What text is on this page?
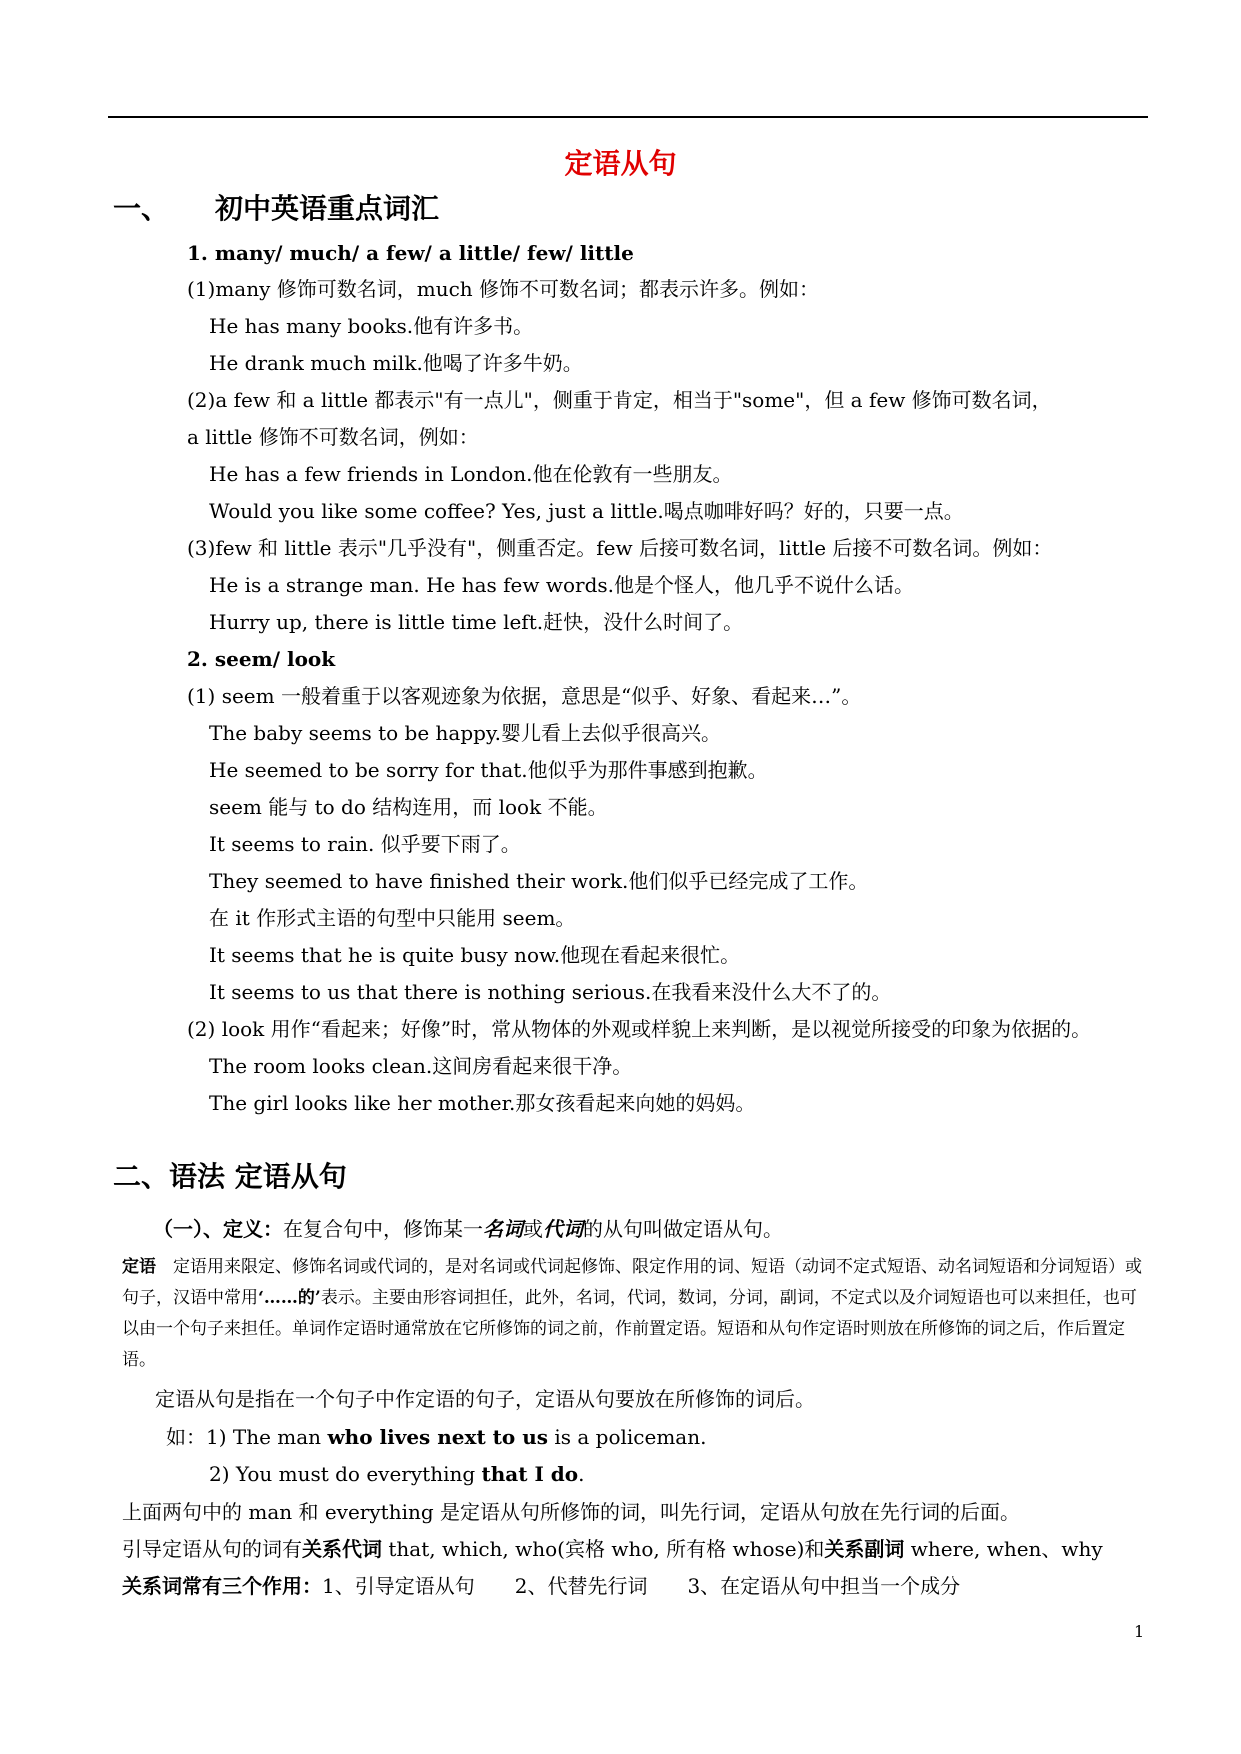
定语从句
一、 初中英语重点词汇
1. many/ much/ a few/ a little/ few/ little
(1)many 修饰可数名词，much 修饰不可数名词；都表示许多。例如：
He has many books.他有许多书。
He drank much milk.他喝了许多牛奶。
(2)a few 和 a little 都表示"有一点儿"，侧重于肯定，相当于"some"，但 a few 修饰可数名词，
a little 修饰不可数名词，例如：
He has a few friends in London.他在伦敦有一些朋友。
Would you like some coffee? Yes, just a little.喝点咖啡好吗？好的，只要一点。
(3)few 和 little 表示"几乎没有"，侧重否定。few 后接可数名词，little 后接不可数名词。例如：
He is a strange man. He has few words.他是个怪人，他几乎不说什么话。
Hurry up, there is little time left.赶快，没什么时间了。
2. seem/ look
(1) seem 一般着重于以客观迹象为依据，意思是“似乎、好象、看起来…”。
The baby seems to be happy.婴儿看上去似乎很高兴。
He seemed to be sorry for that.他似乎为那件事感到抱歉。
seem 能与 to do 结构连用，而 look 不能。
It seems to rain. 似乎要下雨了。
They seemed to have finished their work.他们似乎已经完成了工作。
在 it 作形式主语的句型中只能用 seem。
It seems that he is quite busy now.他现在看起来很忙。
It seems to us that there is nothing serious.在我看来没什么大不了的。
(2) look 用作“看起来；好像”时，常从物体的外观或样貌上来判断，是以视觉所接受的印象为依据的。
The room looks clean.这间房看起来很干净。
The girl looks like her mother.那女孩看起来向她的妈妈。
二、语法 定语从句
（一）、定义：在复合句中，修饰某一名词或代词的从句叫做定语从句。
定语　定语用来限定、修饰名词或代词的，是对名词或代词起修饰、限定作用的词、短语（动词不定式短语、动名词短语和分词短语）或句子，汉语中常用‘……的’表示。主要由形容词担任，此外，名词，代词，数词，分词，副词，不定式以及介词短语也可以来担任，也可以由一个句子来担任。单词作定语时通常放在它所修饰的词之前，作前置定语。短语和从句作定语时则放在所修饰的词之后，作后置定语。
定语从句是指在一个句子中作定语的句子，定语从句要放在所修饰的词后。
如：1) The man who lives next to us is a policeman.
2) You must do everything that I do.
上面两句中的 man 和 everything 是定语从句所修饰的词，叫先行词，定语从句放在先行词的后面。
引导定语从句的词有关系代词 that, which, who(宾格 who, 所有格 whose)和关系副词 where, when、why
关系词常有三个作用：1、引导定语从句　　2、代替先行词　　3、在定语从句中担当一个成分
1
